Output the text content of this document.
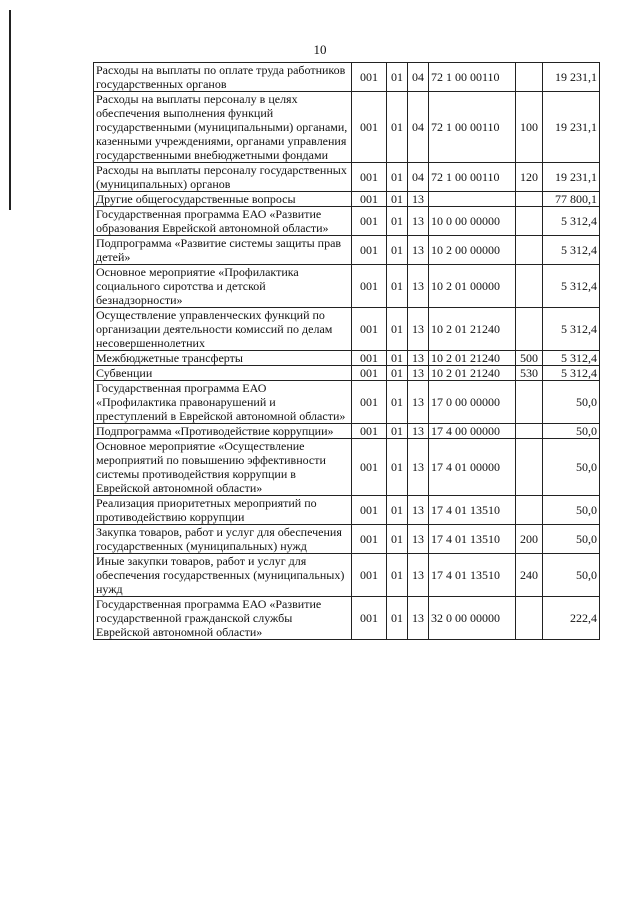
10
Расходы на выплаты по оплате труда работников государственных органов	001	01	04	72 1 00 00110		19 231,1
Расходы на выплаты персоналу в целях обеспечения выполнения функций государственными (муниципальными) органами, казенными учреждениями, органами управления государственными внебюджетными фондами	001	01	04	72 1 00 00110	100	19 231,1
Расходы на выплаты персоналу государственных (муниципальных) органов	001	01	04	72 1 00 00110	120	19 231,1
Другие общегосударственные вопросы	001	01	13			77 800,1
Государственная программа ЕАО «Развитие образования Еврейской автономной области»	001	01	13	10 0 00 00000		5 312,4
Подпрограмма «Развитие системы защиты прав детей»	001	01	13	10 2 00 00000		5 312,4
Основное мероприятие «Профилактика социального сиротства и детской безнадзорности»	001	01	13	10 2 01 00000		5 312,4
Осуществление управленческих функций по организации деятельности комиссий по делам несовершеннолетних	001	01	13	10 2 01 21240		5 312,4
Межбюджетные трансферты	001	01	13	10 2 01 21240	500	5 312,4
Субвенции	001	01	13	10 2 01 21240	530	5 312,4
Государственная программа ЕАО «Профилактика правонарушений и преступлений в Еврейской автономной области»	001	01	13	17 0 00 00000		50,0
Подпрограмма «Противодействие коррупции»	001	01	13	17 4 00 00000		50,0
Основное мероприятие «Осуществление мероприятий по повышению эффективности системы противодействия коррупции в Еврейской автономной области»	001	01	13	17 4 01 00000		50,0
Реализация приоритетных мероприятий по противодействию коррупции	001	01	13	17 4 01 13510		50,0
Закупка товаров, работ и услуг для обеспечения государственных (муниципальных) нужд	001	01	13	17 4 01 13510	200	50,0
Иные закупки товаров, работ и услуг для обеспечения государственных (муниципальных) нужд	001	01	13	17 4 01 13510	240	50,0
Государственная программа ЕАО «Развитие государственной гражданской службы Еврейской автономной области»	001	01	13	32 0 00 00000		222,4
